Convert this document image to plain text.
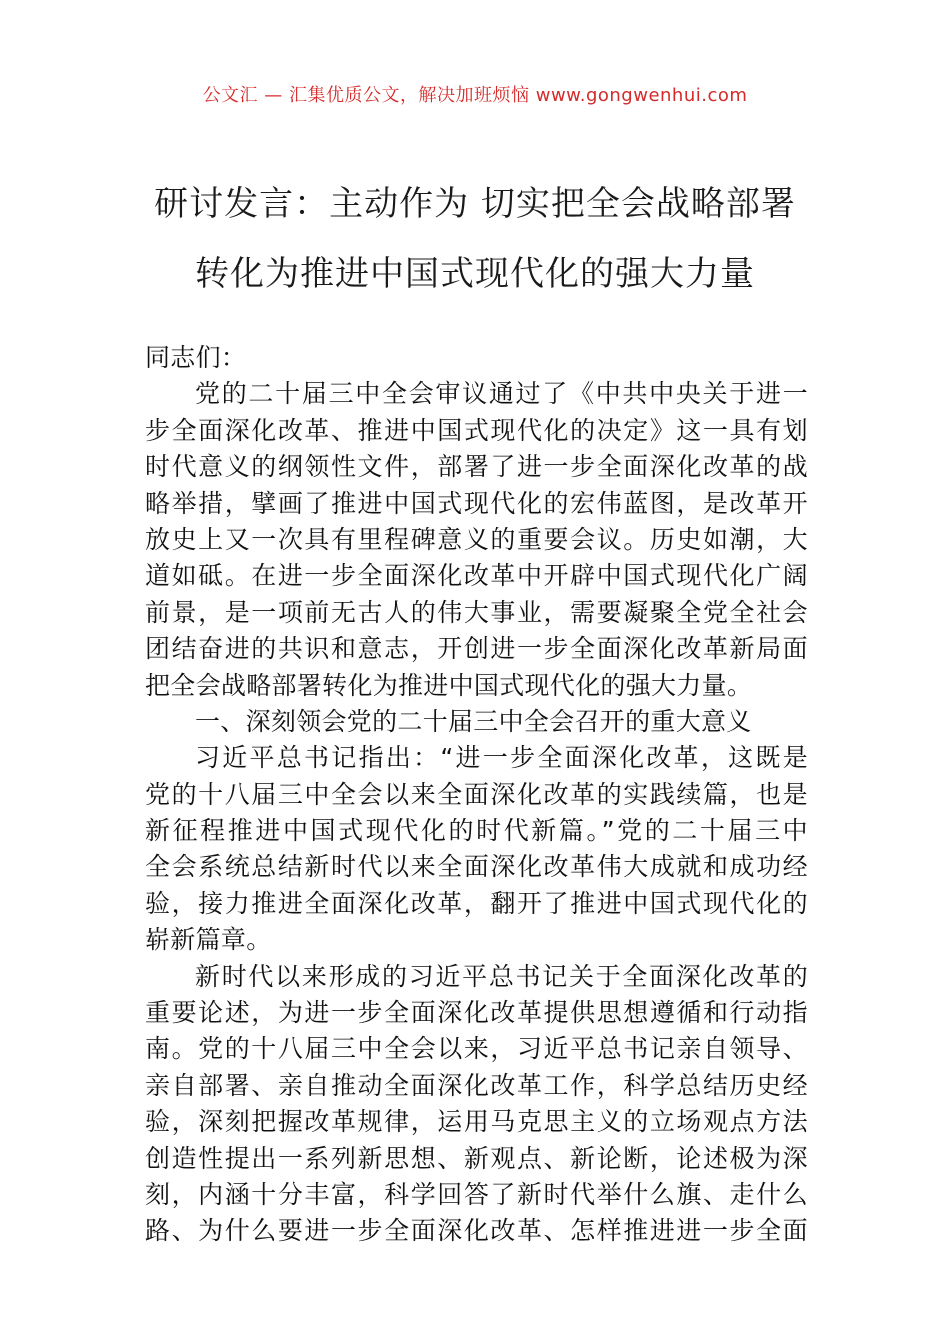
公文汇 — 汇集优质公文，解决加班烦恼 www.gongwenhui.com
研讨发言：主动作为 切实把全会战略部署
转化为推进中国式现代化的强大力量
同志们：
党的二十届三中全会审议通过了《中共中央关于进一
步全面深化改革、推进中国式现代化的决定》这一具有划
时代意义的纲领性文件，部署了进一步全面深化改革的战
略举措，擘画了推进中国式现代化的宏伟蓝图，是改革开
放史上又一次具有里程碑意义的重要会议。历史如潮，大
道如砥。在进一步全面深化改革中开辟中国式现代化广阔
前景，是一项前无古人的伟大事业，需要凝聚全党全社会
团结奋进的共识和意志，开创进一步全面深化改革新局面
把全会战略部署转化为推进中国式现代化的强大力量。
一、深刻领会党的二十届三中全会召开的重大意义
习近平总书记指出：“进一步全面深化改革，这既是
党的十八届三中全会以来全面深化改革的实践续篇，也是
新征程推进中国式现代化的时代新篇。”党的二十届三中
全会系统总结新时代以来全面深化改革伟大成就和成功经
验，接力推进全面深化改革，翻开了推进中国式现代化的
崭新篇章。
新时代以来形成的习近平总书记关于全面深化改革的
重要论述，为进一步全面深化改革提供思想遵循和行动指
南。党的十八届三中全会以来，习近平总书记亲自领导、
亲自部署、亲自推动全面深化改革工作，科学总结历史经
验，深刻把握改革规律，运用马克思主义的立场观点方法
创造性提出一系列新思想、新观点、新论断，论述极为深
刻，内涵十分丰富，科学回答了新时代举什么旗、走什么
路、为什么要进一步全面深化改革、怎样推进进一步全面
